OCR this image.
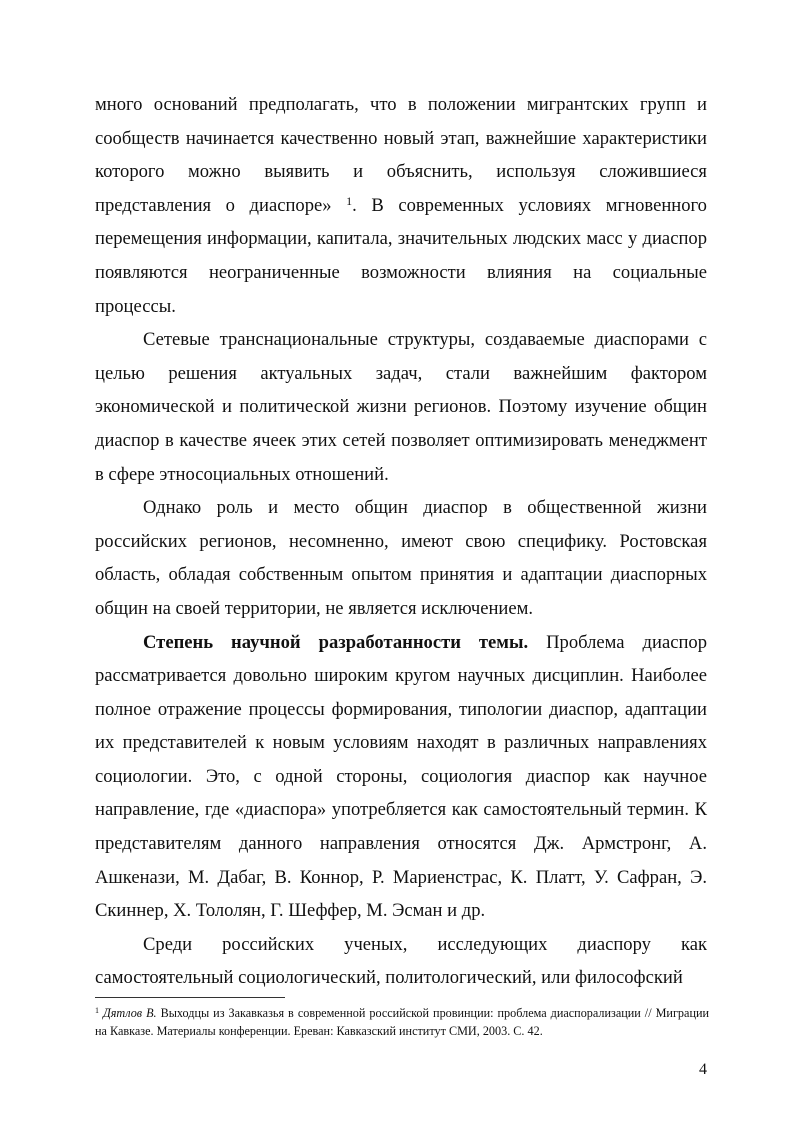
много оснований предполагать, что в положении мигрантских групп и сообществ начинается качественно новый этап, важнейшие характеристики которого можно выявить и объяснить, используя сложившиеся представления о диаспоре» $^1$. В современных условиях мгновенного перемещения информации, капитала, значительных людских масс у диаспор появляются неограниченные возможности влияния на социальные процессы.

Сетевые транснациональные структуры, создаваемые диаспорами с целью решения актуальных задач, стали важнейшим фактором экономической и политической жизни регионов. Поэтому изучение общин диаспор в качестве ячеек этих сетей позволяет оптимизировать менеджмент в сфере этносоциальных отношений.

Однако роль и место общин диаспор в общественной жизни российских регионов, несомненно, имеют свою специфику. Ростовская область, обладая собственным опытом принятия и адаптации диаспорных общин на своей территории, не является исключением.

Степень научной разработанности темы. Проблема диаспор рассматривается довольно широким кругом научных дисциплин. Наиболее полное отражение процессы формирования, типологии диаспор, адаптации их представителей к новым условиям находят в различных направлениях социологии. Это, с одной стороны, социология диаспор как научное направление, где «диаспора» употребляется как самостоятельный термин. К представителям данного направления относятся Дж. Армстронг, А. Ашкенази, М. Дабаг, В. Коннор, Р. Мариенстрас, К. Платт, У. Сафран, Э. Скиннер, Х. Тололян, Г. Шеффер, М. Эсман и др.

Среди российских ученых, исследующих диаспору как самостоятельный социологический, политологический, или философский

$^1$ Дятлов В. Выходцы из Закавказья в современной российской провинции: проблема диаспорализации // Миграции на Кавказе. Материалы конференции. Ереван: Кавказский институт СМИ, 2003. С. 42.
4
